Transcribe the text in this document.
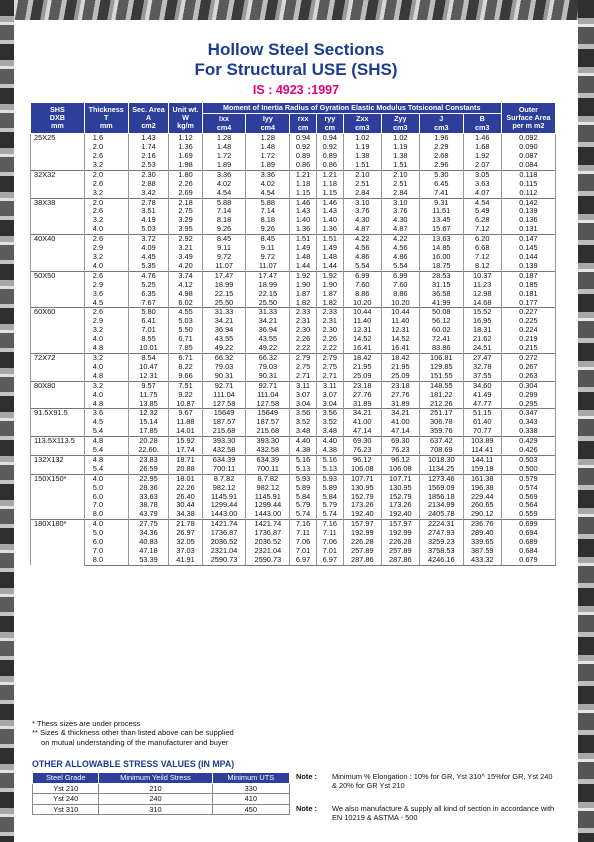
Hollow Steel Sections
For Structural USE (SHS)
IS : 4923 :1997
SHS
DXB
mm	Thickness
T
mm	Sec. Area
A
cm2	Unit wt.
W
kg/m	Moment of Inertia Radius of Gyration Elastic Modulus Totsiconal Constants								Outer
Surface Area
per m m2
				Ixx
cm4	Iyy
cm4	rxx
cm	ryy
cm	Zxx
cm3	Zyy
cm3	J
cm3	B
cm3	
25X25	1.6	1.43	1.12	1.28	1.28	0.94	0.94	1.02	1.02	1.96	1.46	0.092
	2.0	1.74	1.36	1.48	1.48	0.92	0.92	1.19	1.19	2.29	1.68	0.090
	2.6	2.16	1.69	1.72	1.72	0.89	0.89	1.38	1.38	2.68	1.92	0.087
	3.2	2.53	1.98	1.89	1.89	0.86	0.86	1.51	1.51	2.96	2.07	0.084
32X32	2.0	2.30	1.80	3.36	3.36	1.21	1.21	2.10	2.10	5.30	3.05	0.118
	2.6	2.88	2.26	4.02	4.02	1.18	1.18	2.51	2.51	6.45	3.63	0.115
	3.2	3.42	2.69	4.54	4.54	1.15	1.15	2.84	2.84	7.41	4.07	0.112
38X38	2.0	2.78	2.18	5.88	5.88	1.46	1.46	3.10	3.10	9.31	4.54	0.142
	2.6	3.51	2.75	7.14	7.14	1.43	1.43	3.76	3.76	11.51	5.49	0.139
	3.2	4.19	3.29	8.18	8.18	1.40	1.40	4.30	4.30	13.45	6.28	0.136
	4.0	5.03	3.95	9.26	9.26	1.36	1.36	4.87	4.87	15.67	7.12	0.131
40X40	2.6	3.72	2.92	8.45	8.45	1.51	1.51	4.22	4.22	13.63	6.20	0.147
	2.9	4.09	3.21	9.11	9.11	1.49	1.49	4.56	4.56	14.85	6.68	0.145
	3.2	4.45	3.49	9.72	9.72	1.48	1.48	4.86	4.86	16.00	7.12	0.144
	4.0	5.35	4.20	11.07	11.07	1.44	1.44	5.54	5.54	18.75	8.12	0.139
50X50	2.6	4.76	3.74	17.47	17.47	1.92	1.92	6.99	6.99	28.53	10.37	0.187
	2.9	5.25	4.12	18.99	18.99	1.90	1.90	7.60	7.60	31.15	11.23	0.185
	3.6	6.35	4.98	22.15	22.15	1.87	1.87	8.86	8.86	36.58	12.98	0.181
	4.5	7.67	6.02	25.50	25.50	1.82	1.82	10.20	10.20	41.99	14.68	0.177
60X60	2.6	5.80	4.55	31.33	31.33	2.33	2.33	10.44	10.44	50.08	15.52	0.227
	2.9	6.41	5.03	34.21	34.21	2.31	2.31	11.40	11.40	56.12	16.95	0.225
	3.2	7.01	5.50	36.94	36.94	2.30	2.30	12.31	12.31	60.02	18.31	0.224
	4.0	8.55	6.71	43.55	43.55	2.26	2.26	14.52	14.52	72.41	21.62	0.219
	4.8	10.01	7.85	49.22	49.22	2.22	2.22	16.41	16.41	83.86	24.51	0.215
72X72	3.2	8.54	6.71	66.32	66.32	2.79	2.79	18.42	18.42	106.81	27.47	0.272
	4.0	10.47	8.22	79.03	79.03	2.75	2.75	21.95	21.95	129.85	32.78	0.267
	4.8	12.31	9.66	90.31	90.31	2.71	2.71	25.09	25.09	151.55	37.55	0.263
80X80	3.2	9.57	7.51	92.71	92.71	3.11	3.11	23.18	23.18	148.55	34.60	0.304
	4.0	11.75	9.22	111.04	111.04	3.07	3.07	27.76	27.76	181.22	41.49	0.299
	4.8	13.85	10.87	127.58	127.58	3.04	3.04	31.89	31.89	212.26	47.77	0.295
91.5X91.5	3.6	12.32	9.67	15649	15649	3.56	3.56	34.21	34.21	251.17	51.15	0.347
	4.5	15.14	11.88	187.57	187.57	3.52	3.52	41.00	41.00	306.78	61.40	0.343
	5.4	17.85	14.01	215.68	215.68	3.48	3.48	47.14	47.14	359.76	70.77	0.338
113.5X113.5	4.8	20.28	15.92	393.30	393.30	4.40	4.40	69.30	69.30	637.42	103.89	0.429
	5.4	22.60.	17.74	432.58	432.58	4.38	4.38	76.23	76.23	708.69	114.41	0.426
132X132	4.8	23.83	18.71	634.39	634.39	5.16	5.16	96.12	96.12	1018.30	144.11	0.503
	5.4	26.59	20.88	700.11	700.11	5.13	5.13	106.08	106.08	1134.25	159.18	0.500
150X150*	4.0	22.95	18.01	8.7.82	8.7.82	5.93	5.93	107.71	107.71	1273.46	161.38	0.579
	5.0	28.36	22.26	982.12	982.12	5.89	5.89	130.95	130.95	1569.09	196.38	0.574
	6.0	33.63	26.40	1145.91	1145.91	5.84	5.84	152.79	152.79	1856.18	229.44	0.569
	7.0	38.78	30.44	1299.44	1299.44	5.79	5.79	173.26	173.26	2134.99	260.65	0.564
	8.0	43.79	34.38	1443.00	1443.00	5.74	5.74	192.40	192.40	2405.78	290.12	0.559
180X180*	4.0	27.75	21.78	1421.74	1421.74	7.16	7.16	157.97	157.97	2224.31	236.76	0.699
	5.0	34.36	26.97	1736.87	1736.87	7.11	7.11	192.99	192.99	2747.93	289.40	0.694
	6.0	40.83	32.05	2036.52	2036.52	7.06	7.06	226.28	226.28	3259.23	339.65	0.689
	7.0	47.18	37.03	2321.04	2321.04	7.01	7.01	257.89	257.89	3758.53	387.59	0.684
	8.0	53.39	41.91	2590.73	2590.73	6.97	6.97	287.86	287.86	4246.16	433.32	0.679
* Thess sizes are under process
** Sizes & thickness other than listed above can be supplied
on mutual understanding of the manufacturer and buyer
OTHER ALLOWABLE STRESS VALUES (IN MPA)
Steel Grade	Minimum Yeild Stress	Minimum UTS
Yst 210	210	330
Yst 240	240	410
Yst 310	310	450
Note :	Minimum % Elongation : 10% for GR, Yst 310^ 15%for GR, Yst 240 & 20% for GR Yst 210
Note :	We also manufacture & supply all kind of section in accordance with EN 10219 & ASTMA - 500
